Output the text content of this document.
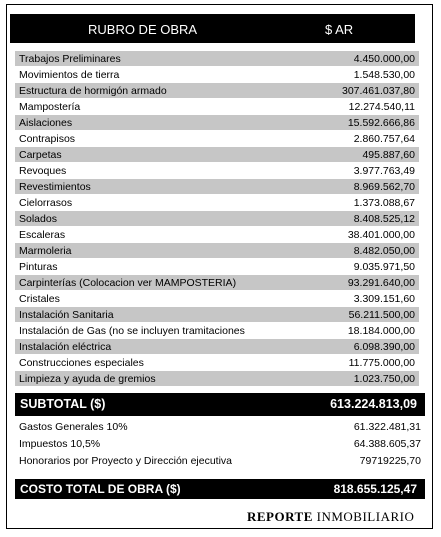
RUBRO DE OBRA	$ AR
Trabajos Preliminares	4.450.000,00
Movimientos de tierra	1.548.530,00
Estructura de hormigón armado	307.461.037,80
Mampostería	12.274.540,11
Aislaciones	15.592.666,86
Contrapisos	2.860.757,64
Carpetas	495.887,60
Revoques	3.977.763,49
Revestimientos	8.969.562,70
Cielorrasos	1.373.088,67
Solados	8.408.525,12
Escaleras	38.401.000,00
Marmoleria	8.482.050,00
Pinturas	9.035.971,50
Carpinterías (Colocacion ver MAMPOSTERIA)	93.291.640,00
Cristales	3.309.151,60
Instalación Sanitaria	56.211.500,00
Instalación de Gas (no se incluyen tramitaciones	18.184.000,00
Instalación eléctrica	6.098.390,00
Construcciones especiales	11.775.000,00
Limpieza y ayuda de gremios	1.023.750,00
SUBTOTAL ($)	613.224.813,09
Gastos Generales 10%	61.322.481,31
Impuestos 10,5%	64.388.605,37
Honorarios por Proyecto y Dirección ejecutiva	79719225,70
COSTO TOTAL DE OBRA ($)	818.655.125,47
REPORTE INMOBILIARIO
